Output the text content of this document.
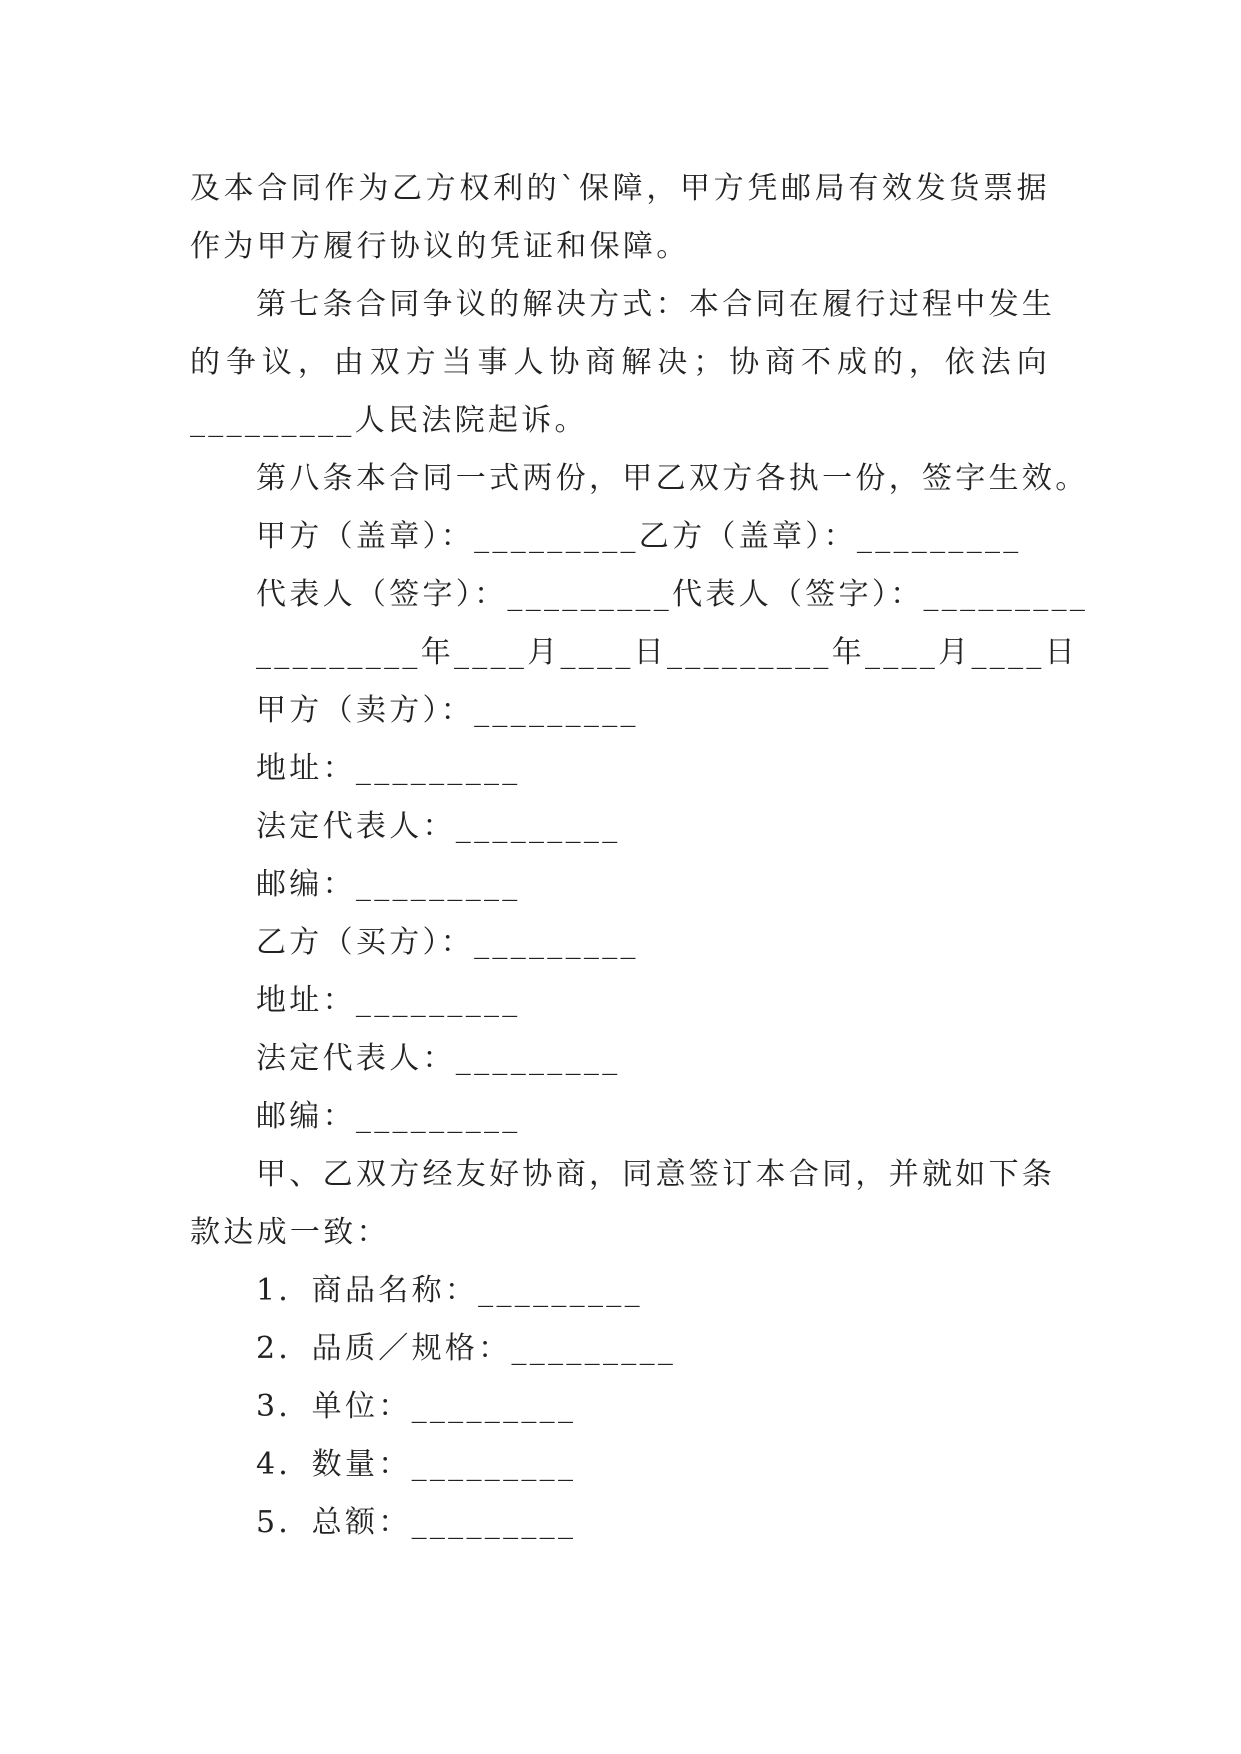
及本合同作为乙方权利的`保障，甲方凭邮局有效发货票据
作为甲方履行协议的凭证和保障。
第七条合同争议的解决方式：本合同在履行过程中发生
的争议，由双方当事人协商解决；协商不成的，依法向
_________人民法院起诉。
第八条本合同一式两份，甲乙双方各执一份，签字生效。
甲方（盖章）：_________乙方（盖章）：_________
代表人（签字）：_________代表人（签字）：_________
_________年____月____日_________年____月____日
甲方（卖方）：_________
地址：_________
法定代表人：_________
邮编：_________
乙方（买方）：_________
地址：_________
法定代表人：_________
邮编：_________
甲、乙双方经友好协商，同意签订本合同，并就如下条
款达成一致：
1．商品名称：_________
2．品质／规格：_________
3．单位：_________
4．数量：_________
5．总额：_________
